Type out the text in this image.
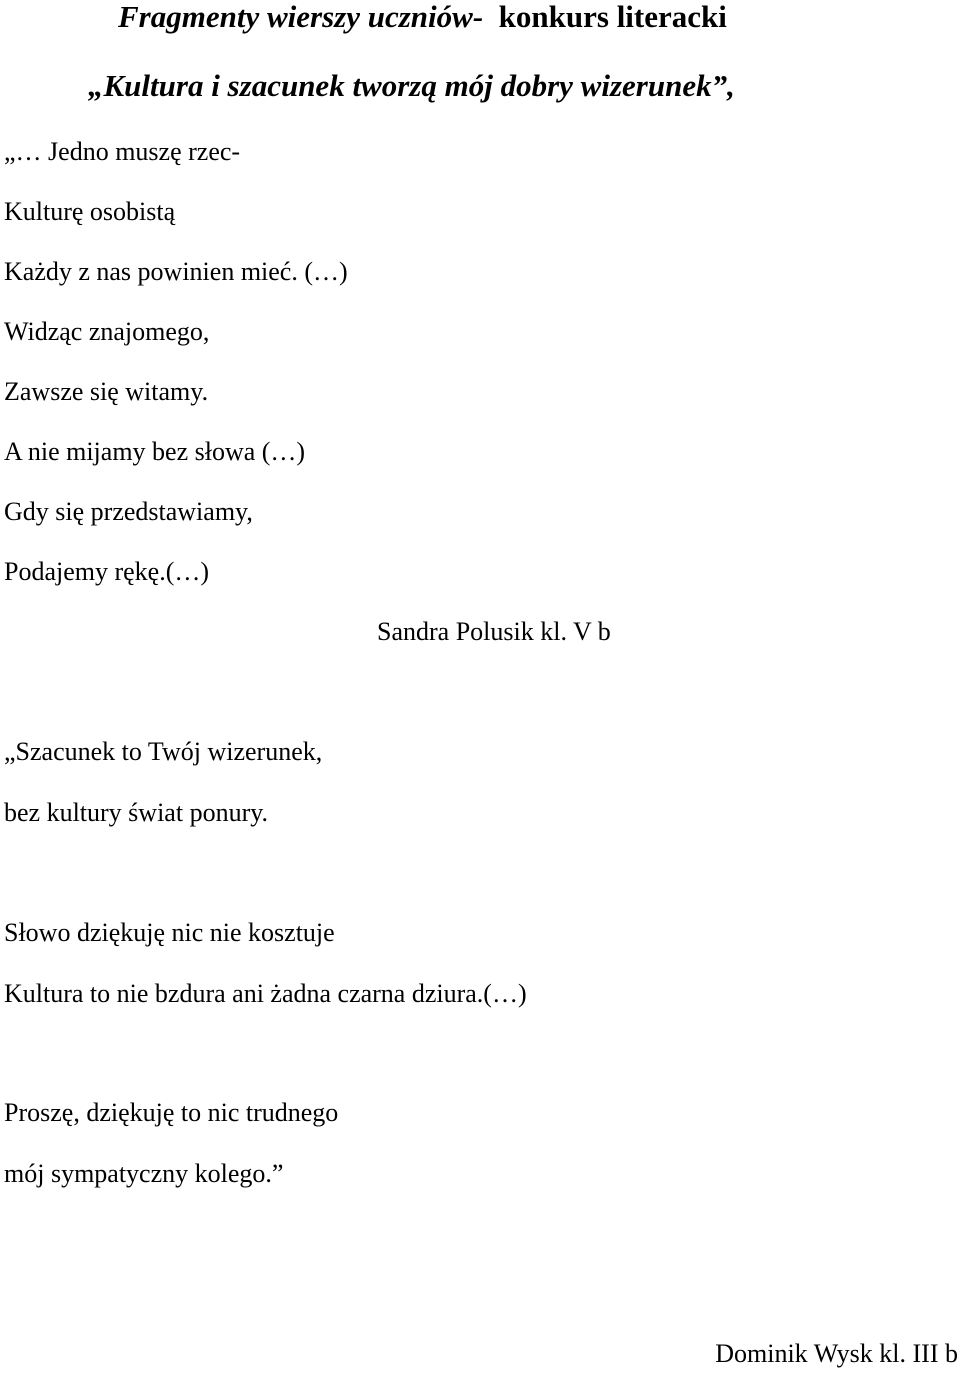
Fragmenty wierszy uczniów-  konkurs literacki
„Kultura i szacunek tworzą mój dobry wizerunek”,
„… Jedno muszę rzec-
Kulturę osobistą
Każdy z nas powinien mieć. (…)
Widząc znajomego,
Zawsze się witamy.
A nie mijamy bez słowa (…)
Gdy się przedstawiamy,
Podajemy rękę.(…)
Sandra Polusik kl. V b
„Szacunek to Twój wizerunek,
bez kultury świat ponury.
Słowo dziękuję nic nie kosztuje
Kultura to nie bzdura ani żadna czarna dziura.(…)
Proszę, dziękuję to nic trudnego
mój sympatyczny kolego.”
Dominik Wysk kl. III b
